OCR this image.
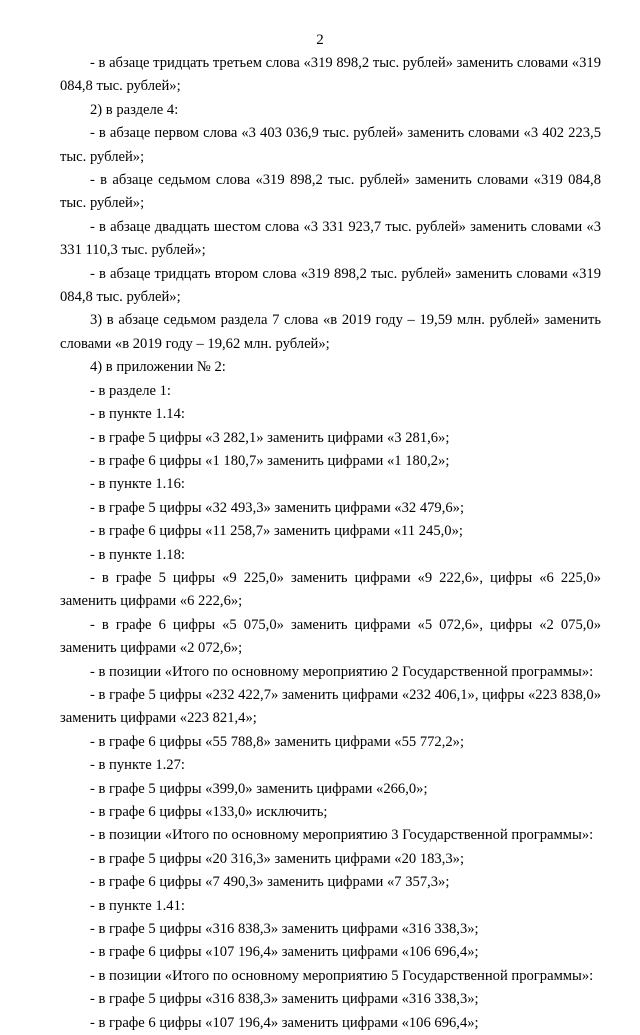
2

- в абзаце тридцать третьем слова «319 898,2 тыс. рублей» заменить словами «319 084,8 тыс. рублей»;

2) в разделе 4:

- в абзаце первом слова «3 403 036,9 тыс. рублей» заменить словами «3 402 223,5 тыс. рублей»;

- в абзаце седьмом слова «319 898,2 тыс. рублей» заменить словами «319 084,8 тыс. рублей»;

- в абзаце двадцать шестом слова «3 331 923,7 тыс. рублей» заменить словами «3 331 110,3 тыс. рублей»;

- в абзаце тридцать втором слова «319 898,2 тыс. рублей» заменить словами «319 084,8 тыс. рублей»;

3) в абзаце седьмом раздела 7 слова «в 2019 году – 19,59 млн. рублей» заменить словами «в 2019 году – 19,62 млн. рублей»;

4) в приложении № 2:

- в разделе 1:

- в пункте 1.14:

- в графе 5 цифры «3 282,1» заменить цифрами «3 281,6»;

- в графе 6 цифры «1 180,7» заменить цифрами «1 180,2»;

- в пункте 1.16:

- в графе 5 цифры «32 493,3» заменить цифрами «32 479,6»;

- в графе 6 цифры «11 258,7» заменить цифрами «11 245,0»;

- в пункте 1.18:

- в графе 5 цифры «9 225,0» заменить цифрами «9 222,6», цифры «6 225,0» заменить цифрами «6 222,6»;

- в графе 6 цифры «5 075,0» заменить цифрами «5 072,6», цифры «2 075,0» заменить цифрами «2 072,6»;

- в позиции «Итого по основному мероприятию 2 Государственной программы»:

- в графе 5 цифры «232 422,7» заменить цифрами «232 406,1», цифры «223 838,0» заменить цифрами «223 821,4»;

- в графе 6 цифры «55 788,8» заменить цифрами «55 772,2»;

- в пункте 1.27:

- в графе 5 цифры «399,0» заменить цифрами «266,0»;

- в графе 6 цифры «133,0» исключить;

- в позиции «Итого по основному мероприятию 3 Государственной программы»:

- в графе 5 цифры «20 316,3» заменить цифрами «20 183,3»;

- в графе 6 цифры «7 490,3» заменить цифрами «7 357,3»;

- в пункте 1.41:

- в графе 5 цифры «316 838,3» заменить цифрами «316 338,3»;

- в графе 6 цифры «107 196,4» заменить цифрами «106 696,4»;

- в позиции «Итого по основному мероприятию 5 Государственной программы»:

- в графе 5 цифры «316 838,3» заменить цифрами «316 338,3»;

- в графе 6 цифры «107 196,4» заменить цифрами «106 696,4»;
